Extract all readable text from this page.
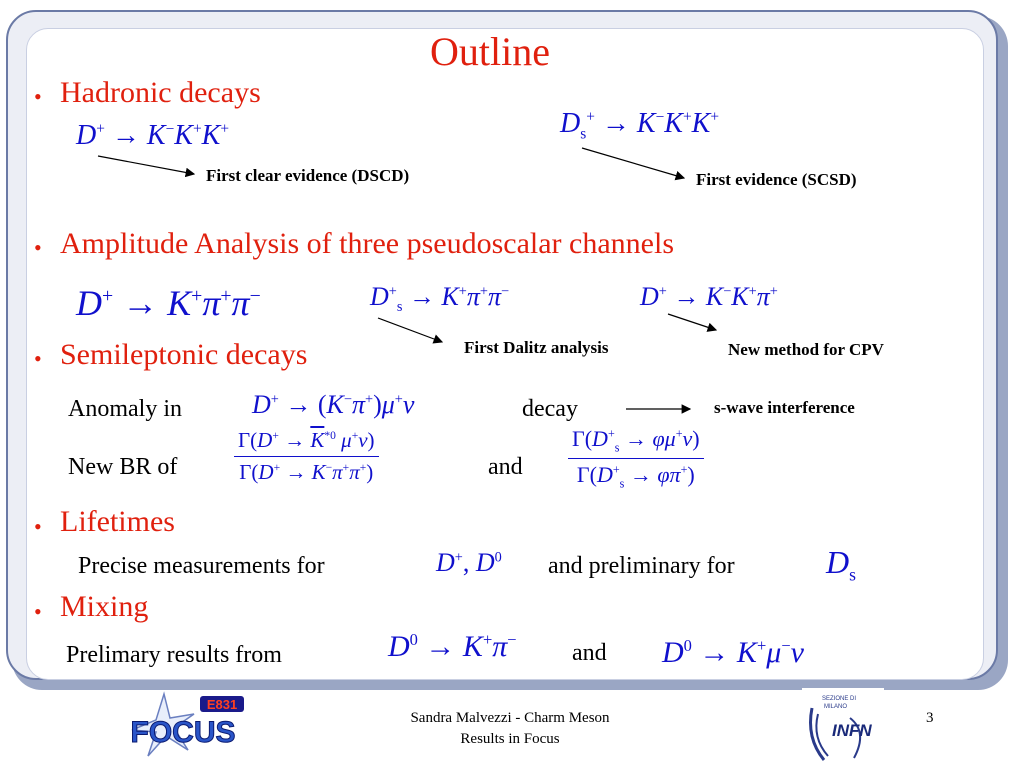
Outline
• Hadronic decays
D+ → K−K+K+	$D_s^+ \to K^-K^+K^+$
First clear evidence (DSCD)	First evidence (SCSD)
• Amplitude Analysis of three pseudoscalar channels
D+ → K+π+π−	$D^+_s \to K^+\pi^+\pi^-$	D+ → K−K+π+
First Dalitz analysis	New method for CPV
• Semileptonic decays
Anomaly in	D+ → (K−π+)μ+ν	decay	s-wave interference
New BR of	$\frac{\Gamma(D^+ \to \overline{K}^{*0} \mu^+\nu)}{\Gamma(D^+ \to K^-\pi^+\pi^+)}$	and $\frac{\Gamma(D^+_s \to \varphi\mu^+\nu)}{\Gamma(D^+_s \to \varphi\pi^+)}$
• Lifetimes
Precise measurements for	D+, $D^0$ and preliminary for	$D_s$
• Mixing
Prelimary results from	$D^0 \to K^+\pi^-$
and $D^0 \to K^+\mu^-\nu$
Sandra Malvezzi - Charm Meson
Results in Focus
3
E831
FOCUS
SEZIONE DI
MILANO
INFN
